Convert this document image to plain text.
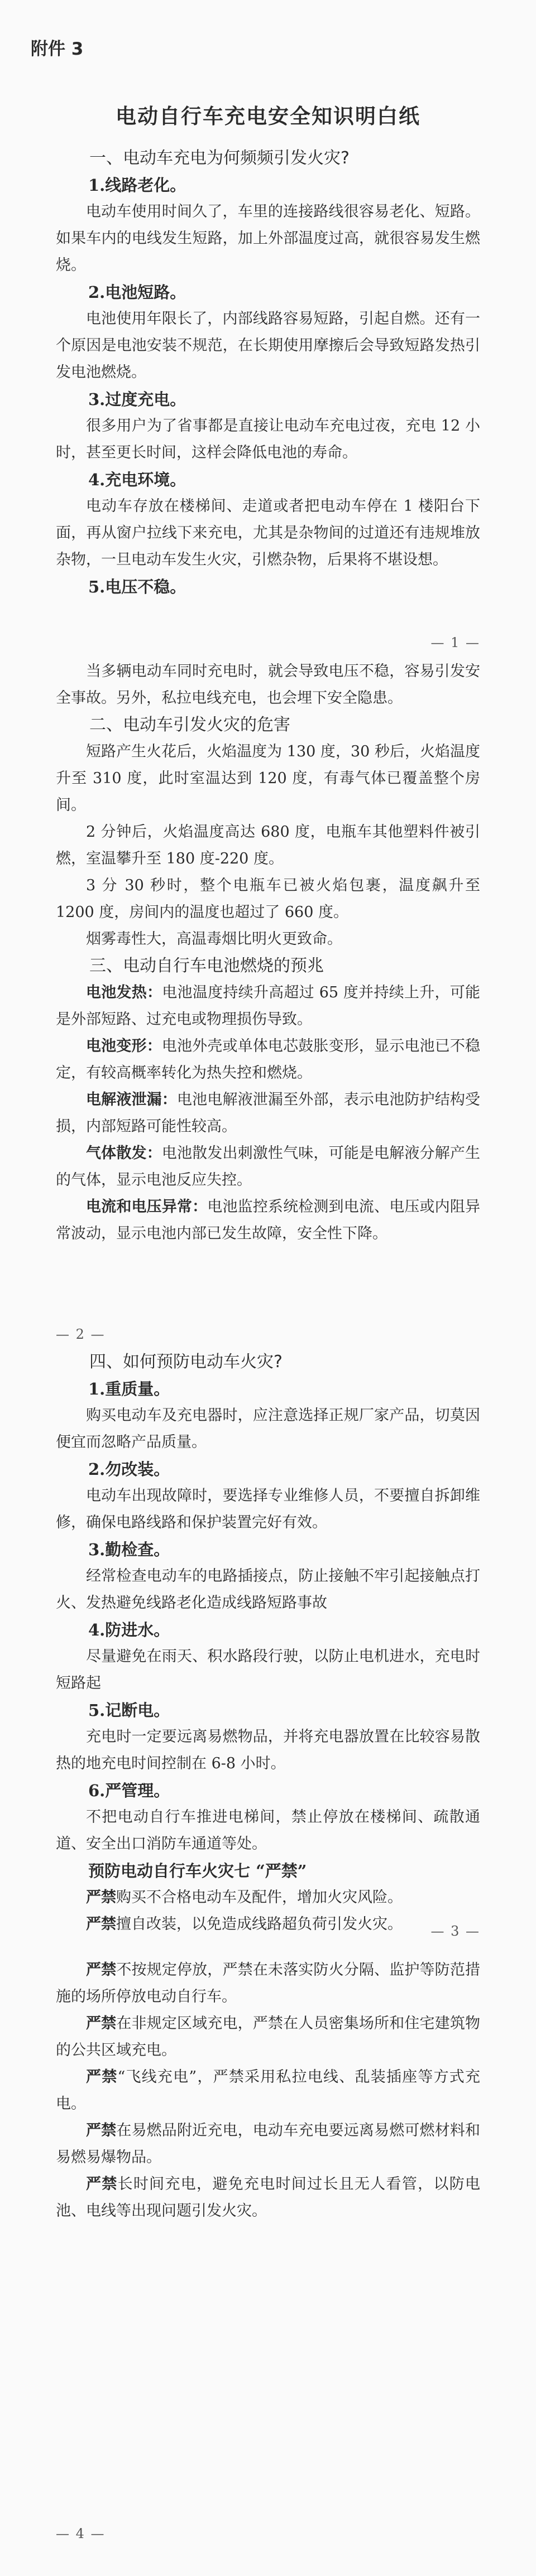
附件 3
电动自行车充电安全知识明白纸

一、电动车充电为何频频引发火灾?

1.线路老化。

电动车使用时间久了，车里的连接路线很容易老化、短路。如果车内的电线发生短路，加上外部温度过高，就很容易发生燃烧。

2.电池短路。

电池使用年限长了，内部线路容易短路，引起自燃。还有一个原因是电池安装不规范，在长期使用摩擦后会导致短路发热引发电池燃烧。

3.过度充电。

很多用户为了省事都是直接让电动车充电过夜，充电 12 小时，甚至更长时间，这样会降低电池的寿命。

4.充电环境。

电动车存放在楼梯间、走道或者把电动车停在 1 楼阳台下面，再从窗户拉线下来充电，尤其是杂物间的过道还有违规堆放杂物，一旦电动车发生火灾，引燃杂物，后果将不堪设想。

5.电压不稳。

— 1 —

当多辆电动车同时充电时，就会导致电压不稳，容易引发安全事故。另外，私拉电线充电，也会埋下安全隐患。

二、电动车引发火灾的危害

短路产生火花后，火焰温度为 130 度，30 秒后，火焰温度升至 310 度，此时室温达到 120 度，有毒气体已覆盖整个房间。

2 分钟后，火焰温度高达 680 度，电瓶车其他塑料件被引燃，室温攀升至 180 度-220 度。

3 分 30 秒时，整个电瓶车已被火焰包裹，温度飙升至 1200 度，房间内的温度也超过了 660 度。

烟雾毒性大，高温毒烟比明火更致命。

三、电动自行车电池燃烧的预兆

电池发热：电池温度持续升高超过 65 度并持续上升，可能是外部短路、过充电或物理损伤导致。

电池变形：电池外壳或单体电芯鼓胀变形，显示电池已不稳定，有较高概率转化为热失控和燃烧。

电解液泄漏：电池电解液泄漏至外部，表示电池防护结构受损，内部短路可能性较高。

气体散发：电池散发出刺激性气味，可能是电解液分解产生的气体，显示电池反应失控。

电流和电压异常：电池监控系统检测到电流、电压或内阻异常波动，显示电池内部已发生故障，安全性下降。

— 2 —

四、如何预防电动车火灾?

1.重质量。

购买电动车及充电器时，应注意选择正规厂家产品，切莫因便宜而忽略产品质量。

2.勿改装。

电动车出现故障时，要选择专业维修人员，不要擅自拆卸维修，确保电路线路和保护装置完好有效。

3.勤检查。

经常检查电动车的电路插接点，防止接触不牢引起接触点打火、发热避免线路老化造成线路短路事故

4.防进水。

尽量避免在雨天、积水路段行驶，以防止电机进水，充电时短路起

5.记断电。

充电时一定要远离易燃物品，并将充电器放置在比较容易散热的地充电时间控制在 6-8 小时。

6.严管理。

不把电动自行车推进电梯间，禁止停放在楼梯间、疏散通道、安全出口消防车通道等处。

预防电动自行车火灾七 “严禁”

严禁购买不合格电动车及配件，增加火灾风险。

严禁擅自改装，以免造成线路超负荷引发火灾。	— 3 —

严禁不按规定停放，严禁在未落实防火分隔、监护等防范措施的场所停放电动自行车。

严禁在非规定区域充电，严禁在人员密集场所和住宅建筑物的公共区域充电。

严禁“飞线充电”，严禁采用私拉电线、乱装插座等方式充电。

严禁在易燃品附近充电，电动车充电要远离易燃可燃材料和易燃易爆物品。

严禁长时间充电，避免充电时间过长且无人看管，以防电池、电线等出现问题引发火灾。

— 4 —
